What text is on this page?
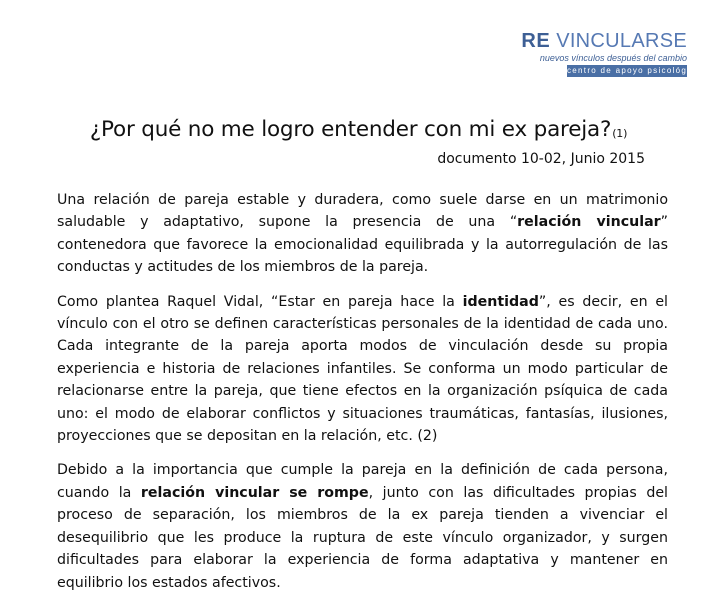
RE VINCULARSE
nuevos vínculos después del cambio
centro de apoyo psicológico
¿Por qué no me logro entender con mi ex pareja?$^{(1)}$
documento 10-02, Junio 2015

Una relación de pareja estable y duradera, como suele darse en un matrimonio saludable y adaptativo, supone la presencia de una “relación vincular” contenedora que favorece la emocionalidad equilibrada y la autorregulación de las conductas y actitudes de los miembros de la pareja.

Como plantea Raquel Vidal, “Estar en pareja hace la identidad”, es decir, en el vínculo con el otro se definen características personales de la identidad de cada uno. Cada integrante de la pareja aporta modos de vinculación desde su propia experiencia e historia de relaciones infantiles. Se conforma un modo particular de relacionarse entre la pareja, que tiene efectos en la organización psíquica de cada uno: el modo de elaborar conflictos y situaciones traumáticas, fantasías, ilusiones, proyecciones que se depositan en la relación, etc. (2)

Debido a la importancia que cumple la pareja en la definición de cada persona, cuando la relación vincular se rompe, junto con las dificultades propias del proceso de separación, los miembros de la ex pareja tienden a vivenciar el desequilibrio que les produce la ruptura de este vínculo organizador, y surgen dificultades para elaborar la experiencia de forma adaptativa y mantener en equilibrio los estados afectivos.
